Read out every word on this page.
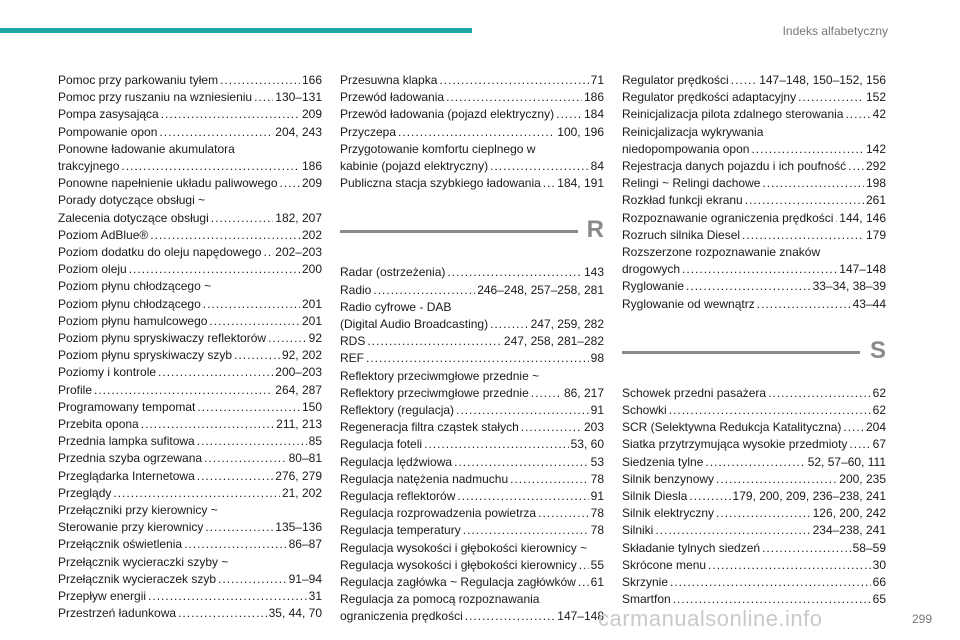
Indeks alfabetyczny
Pomoc przy parkowaniu tyłem .....	166
Pomoc przy ruszaniu na wzniesieniu ..... 130–131
Pompa zasysająca .....	209
Pompowanie opon .....	204, 243
Ponowne ładowanie akumulatora
trakcyjnego .....	186
Ponowne napełnienie układu paliwowego ..... 209
Porady dotyczące obsługi ~
Zalecenia dotyczące obsługi .....	182, 207
Poziom AdBlue® .....	202
Poziom dodatku do oleju napędowego ..... 202–203
Poziom oleju .....	200
Poziom płynu chłodzącego ~
Poziom płynu chłodzącego .....	201
Poziom płynu hamulcowego .....	201
Poziom płynu spryskiwaczy reflektorów .....	92
Poziom płynu spryskiwaczy szyb .....	92, 202
Poziomy i kontrole .....	200–203
Profile .....	264, 287
Programowany tempomat .....	150
Przebita opona .....	211, 213
Przednia lampka sufitowa .....	85
Przednia szyba ogrzewana .....	80–81
Przeglądarka Internetowa .....	276, 279
Przeglądy .....	21, 202
Przełączniki przy kierownicy ~
Sterowanie przy kierownicy .....	135–136
Przełącznik oświetlenia .....	86–87
Przełącznik wycieraczki szyby ~
Przełącznik wycieraczek szyb .....	91–94
Przepływ energii .....	31
Przestrzeń ładunkowa .....	35, 44, 70
Przesuwna klapka .....	71
Przewód ładowania .....	186
Przewód ładowania (pojazd elektryczny) ..... 184
Przyczepa .....	100, 196
Przygotowanie komfortu cieplnego w
kabinie (pojazd elektryczny) .....	84
Publiczna stacja szybkiego ładowania ..... 184, 191
R
Radar (ostrzeżenia) .....	143
Radio .....	246–248, 257–258, 281
Radio cyfrowe - DAB
(Digital Audio Broadcasting) .....	247, 259, 282
RDS .....	247, 258, 281–282
REF .....	98
Reflektory przeciwmgłowe przednie ~
Reflektory przeciwmgłowe przednie .....	86, 217
Reflektory (regulacja) .....	91
Regeneracja filtra cząstek stałych .....	203
Regulacja foteli .....	53, 60
Regulacja lędźwiowa .....	53
Regulacja natężenia nadmuchu .....	78
Regulacja reflektorów .....	91
Regulacja rozprowadzenia powietrza .....	78
Regulacja temperatury .....	78
Regulacja wysokości i głębokości kierownicy ~
Regulacja wysokości i głębokości kierownicy ..... 55
Regulacja zagłówka ~ Regulacja zagłówków ..... 61
Regulacja za pomocą rozpoznawania
ograniczenia prędkości .....	147–148
Regulator prędkości .....	147–148, 150–152, 156
Regulator prędkości adaptacyjny .....	152
Reinicjalizacja pilota zdalnego sterowania ..... 42
Reinicjalizacja wykrywania
niedopompowania opon .....	142
Rejestracja danych pojazdu i ich poufność ..... 292
Relingi ~ Relingi dachowe .....	198
Rozkład funkcji ekranu .....	261
Rozpoznawanie ograniczenia prędkości ..... 144, 146
Rozruch silnika Diesel .....	179
Rozszerzone rozpoznawanie znaków
drogowych .....	147–148
Ryglowanie .....	33–34, 38–39
Ryglowanie od wewnątrz .....	43–44
S
Schowek przedni pasażera .....	62
Schowki .....	62
SCR (Selektywna Redukcja Katalityczna) ..... 204
Siatka przytrzymująca wysokie przedmioty ..... 67
Siedzenia tylne .....	52, 57–60, 111
Silnik benzynowy .....	200, 235
Silnik Diesla .....	179, 200, 209, 236–238, 241
Silnik elektryczny .....	126, 200, 242
Silniki .....	234–238, 241
Składanie tylnych siedzeń .....	58–59
Skrócone menu .....	30
Skrzynie .....	66
Smartfon .....	65
carmanualsonline.info	299
